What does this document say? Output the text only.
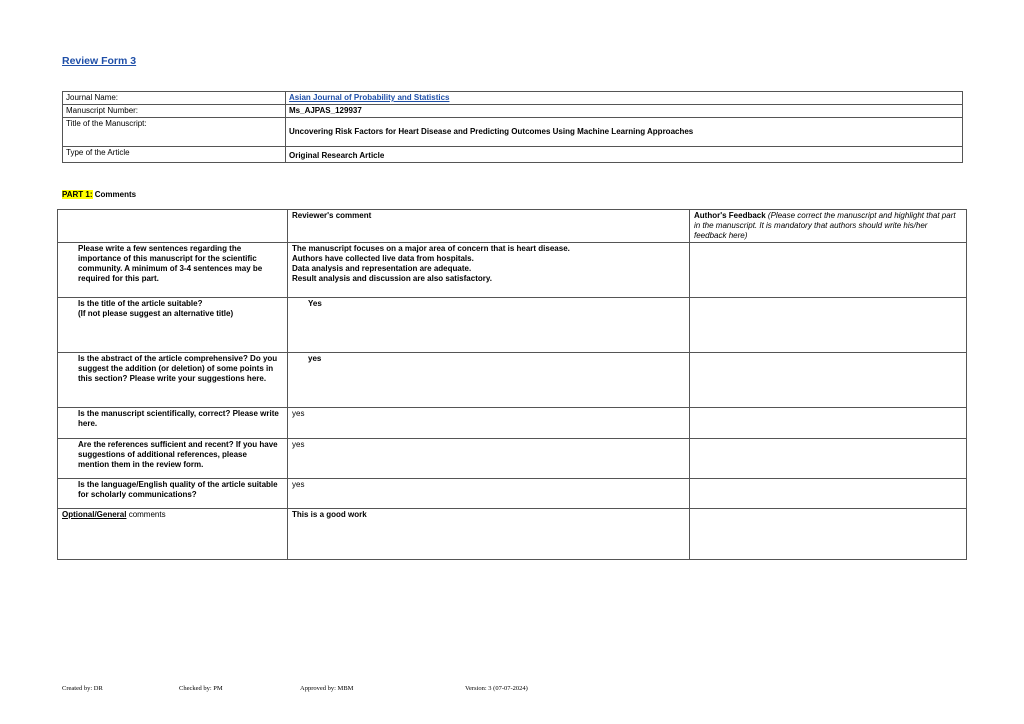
Review Form 3
Journal Name:	Asian Journal of Probability and Statistics
Manuscript Number:	Ms_AJPAS_129937
Title of the Manuscript:	Uncovering Risk Factors for Heart Disease and Predicting Outcomes Using Machine Learning Approaches
Type of the Article	Original Research Article
PART 1: Comments
	Reviewer's comment	Author's Feedback (Please correct the manuscript and highlight that part in the manuscript. It is mandatory that authors should write his/her feedback here)
Please write a few sentences regarding the importance of this manuscript for the scientific community. A minimum of 3-4 sentences may be required for this part.	The manuscript focuses on a major area of concern that is heart disease.
Authors have collected live data from hospitals.
Data analysis and representation are adequate.
Result analysis and discussion are also satisfactory.	

Is the title of the article suitable?
(If not please suggest an alternative title)	Yes	
Is the abstract of the article comprehensive? Do you suggest the addition (or deletion) of some points in this section? Please write your suggestions here.	yes	
Is the manuscript scientifically, correct? Please write here.	yes	
Are the references sufficient and recent? If you have suggestions of additional references, please mention them in the review form.	yes	
Is the language/English quality of the article suitable for scholarly communications?	yes	
Optional/General comments	This is a good work	
Created by: DR	Checked by: PM	Approved by: MBM	Version: 3 (07-07-2024)
